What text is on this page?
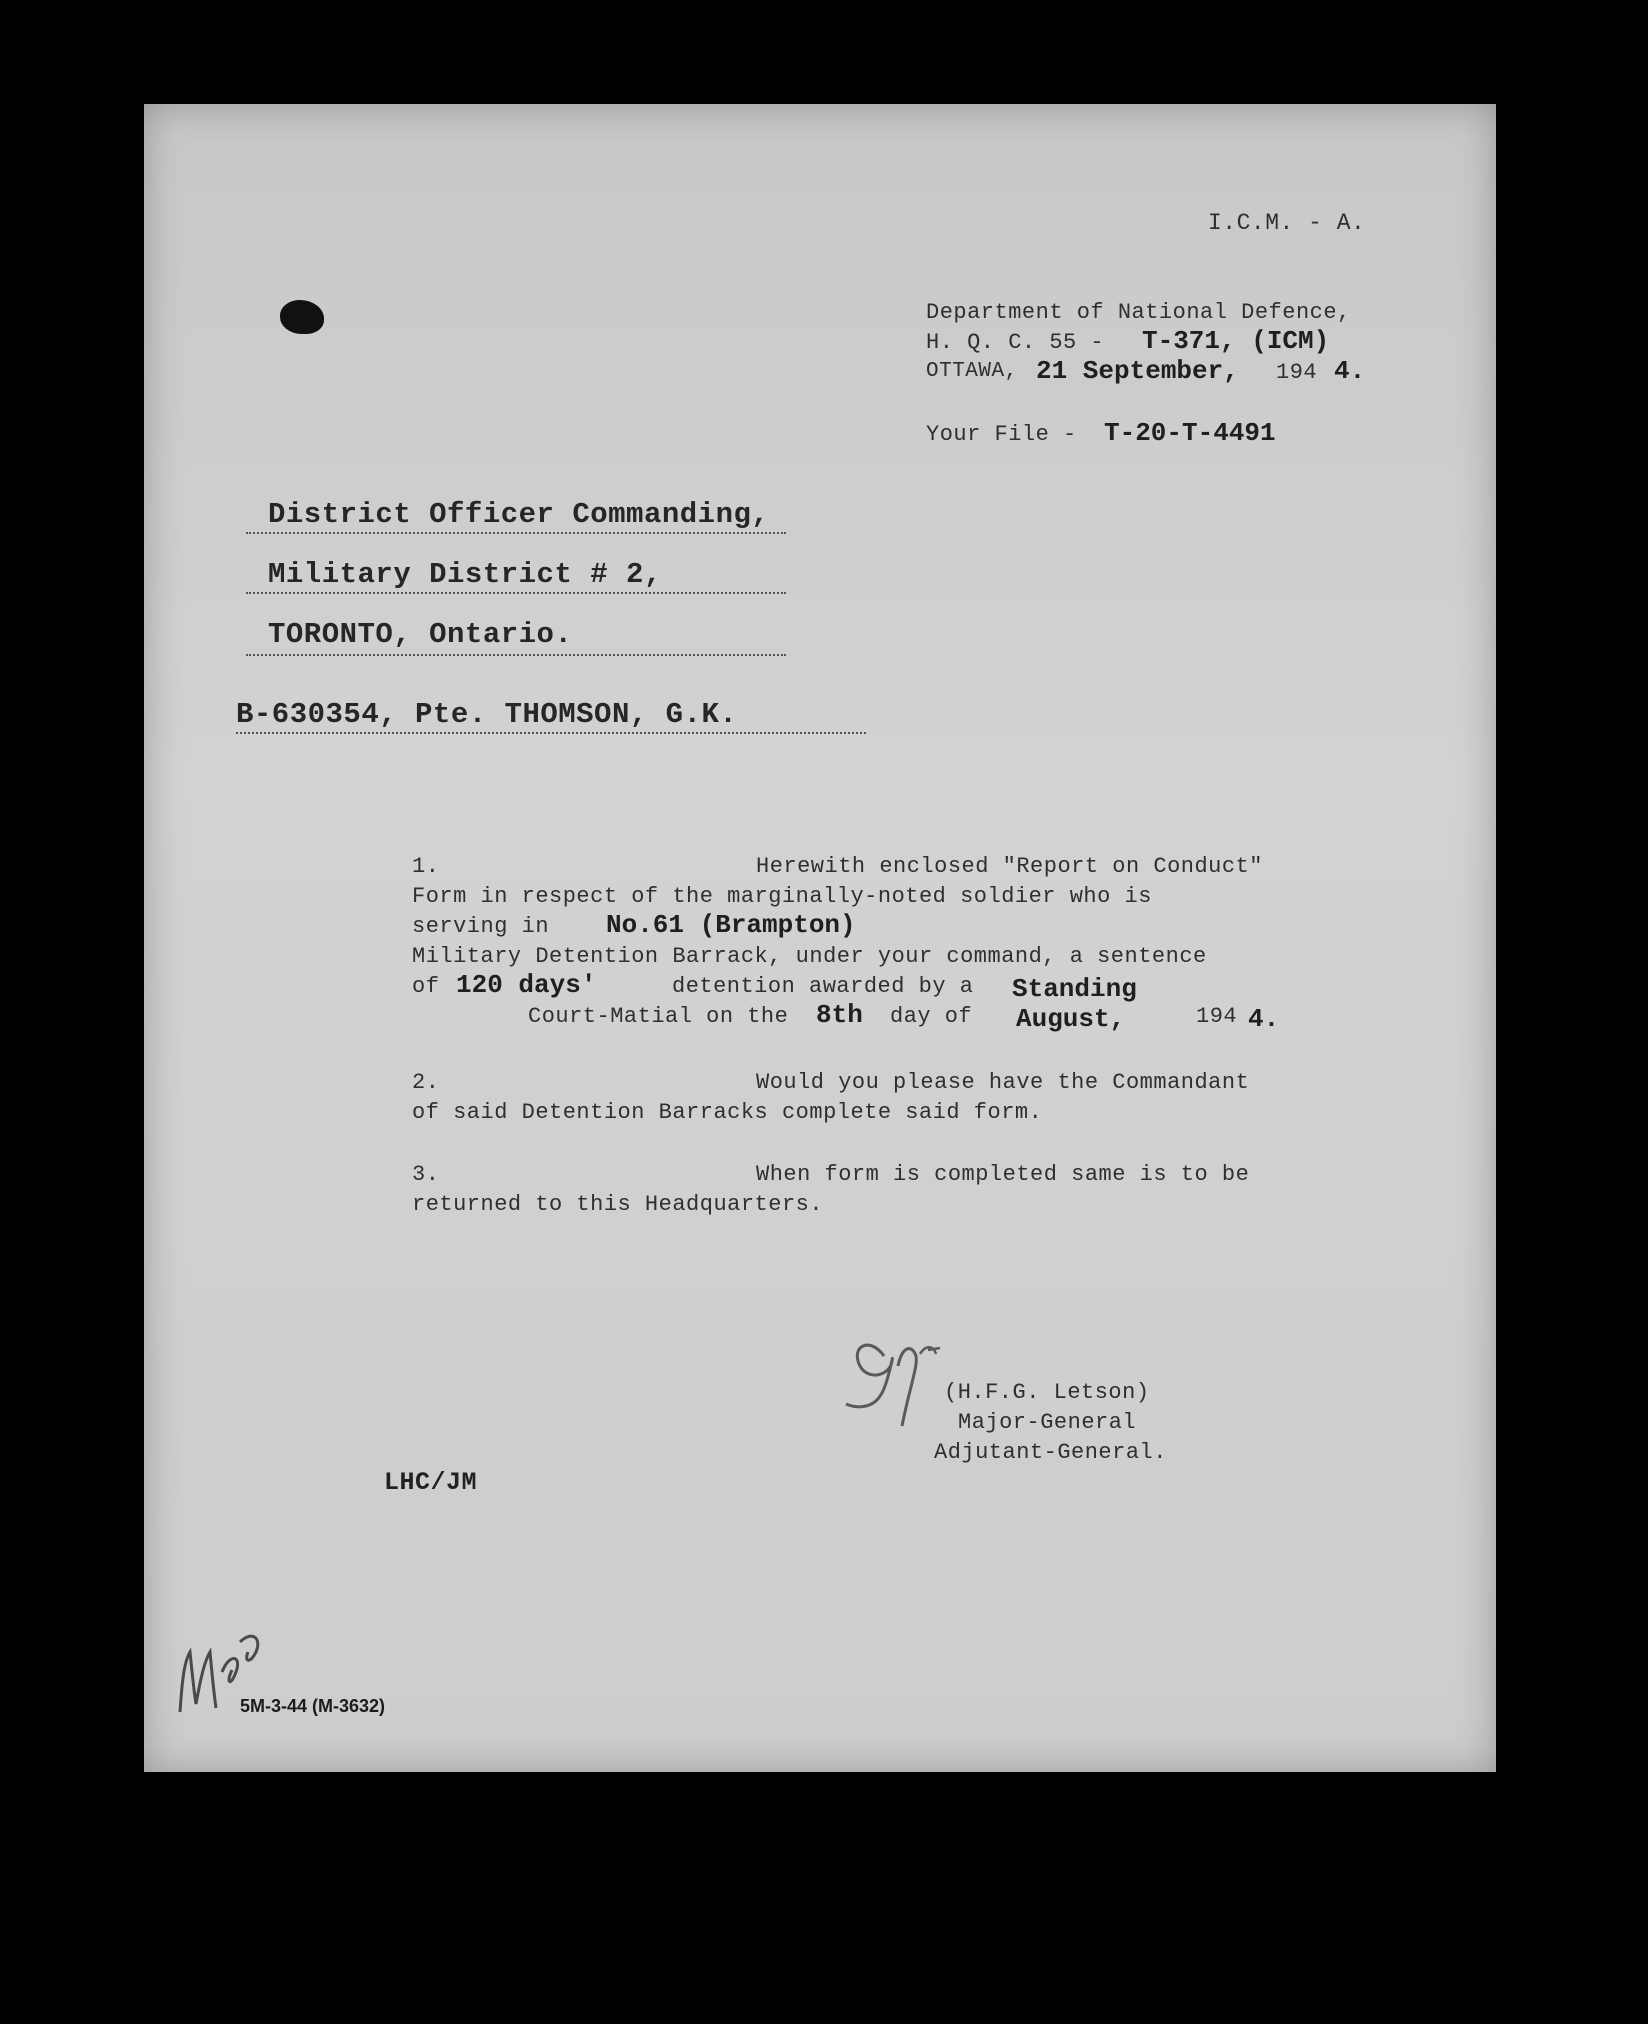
I.C.M. - A.
Department of National Defence,
H. Q. C. 55 - T-371, (ICM)
OTTAWA, 21 September, 194 4.
Your File - T-20-T-4491
District Officer Commanding,
Military District # 2,
TORONTO, Ontario.
B-630354, Pte. THOMSON, G.K.
1.	Herewith enclosed "Report on Conduct"
Form in respect of the marginally-noted soldier who is
serving in No.61 (Brampton)
Military Detention Barrack, under your command, a sentence
of 120 days'	detention awarded by a Standing
Court-Matial on the 8th day of August,	194 4.
2.	Would you please have the Commandant
of said Detention Barracks complete said form.
3.	When form is completed same is to be
returned to this Headquarters.
(H.F.G. Letson)
Major-General
Adjutant-General.
LHC/JM
5M-3-44 (M-3632)
